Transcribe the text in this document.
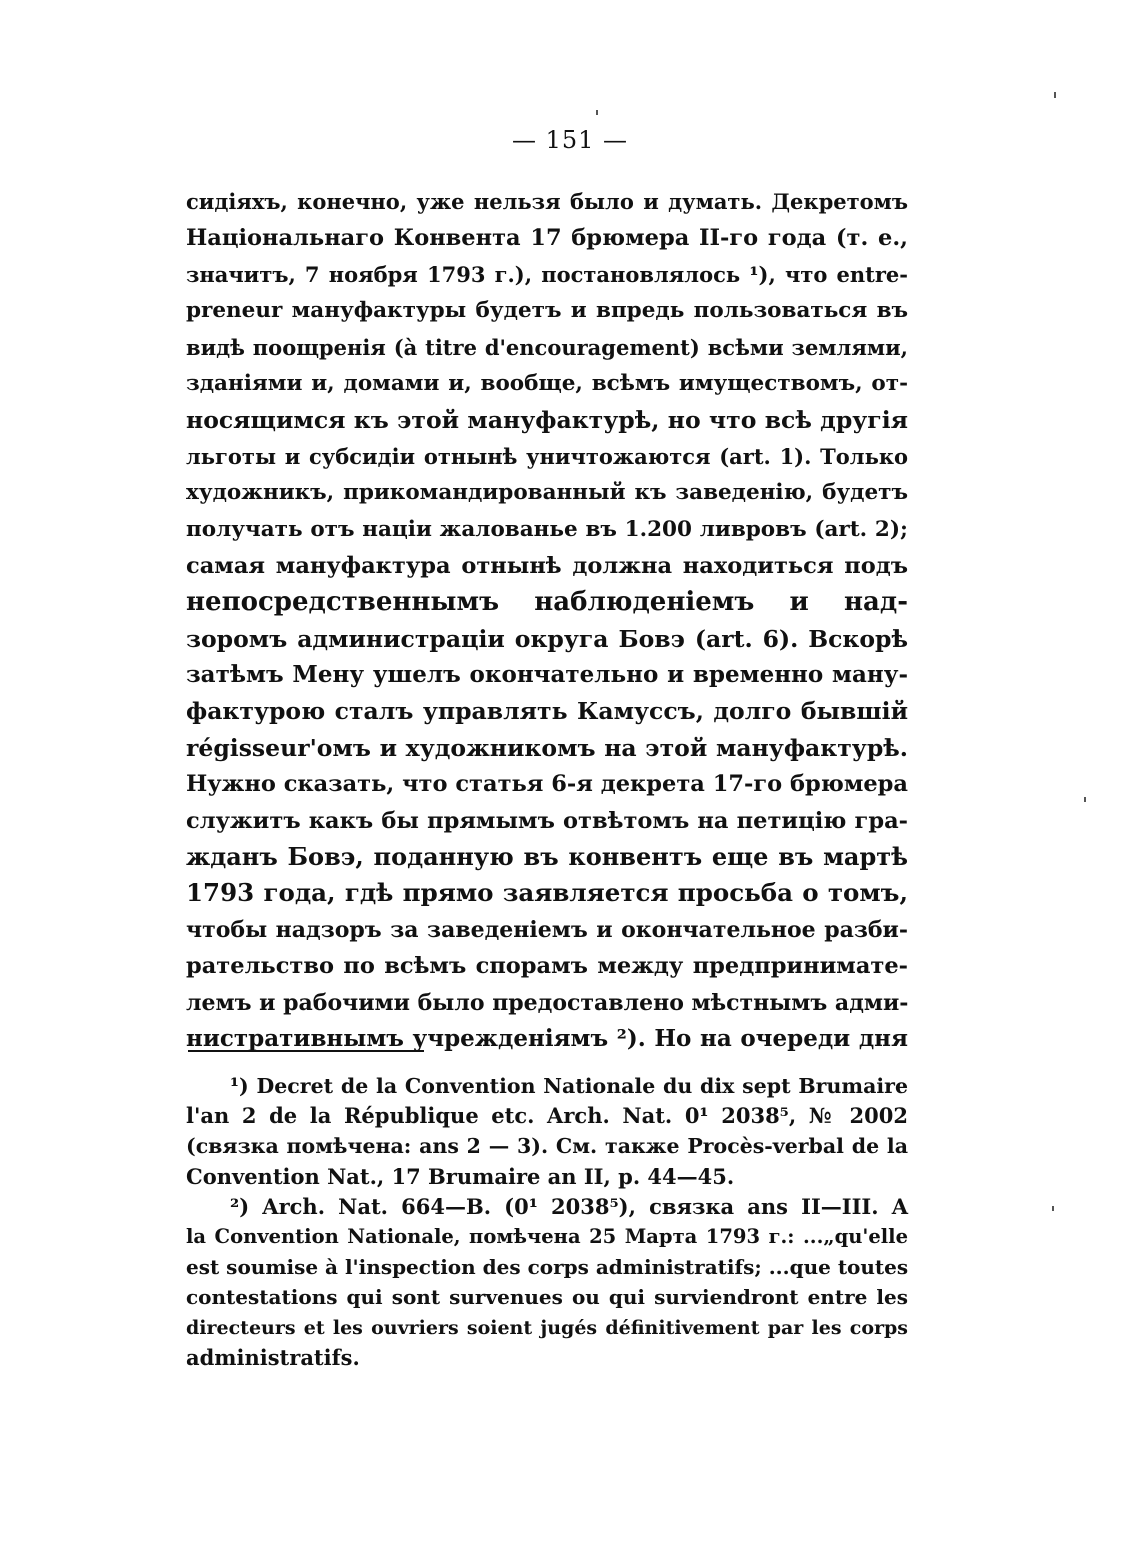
— 151 —
сидіяхъ, конечно, уже нельзя было и думать. Декретомъ
Національнаго Конвента 17 брюмера II-го года (т. е.,
значитъ, 7 ноября 1793 г.), постановлялось ¹), что entre-
preneur мануфактуры будетъ и впредь пользоваться въ
видѣ поощренія (à titre d'encouragement) всѣми землями,
зданіями и, домами и, вообще, всѣмъ имуществомъ, от-
носящимся къ этой мануфактурѣ, но что всѣ другія
льготы и субсидіи отнынѣ уничтожаются (art. 1). Только
художникъ, прикомандированный къ заведенію, будетъ
получать отъ націи жалованье въ 1.200 ливровъ (art. 2);
самая мануфактура отнынѣ должна находиться подъ
непосредственнымъ наблюденіемъ и над-
зоромъ администраціи округа Бовэ (art. 6). Вскорѣ
затѣмъ Мену ушелъ окончательно и временно ману-
фактурою сталъ управлять Камуссъ, долго бывшій
régisseur'омъ и художникомъ на этой мануфактурѣ.
Нужно сказать, что статья 6-я декрета 17-го брюмера
служитъ какъ бы прямымъ отвѣтомъ на петицію гра-
жданъ Бовэ, поданную въ конвентъ еще въ мартѣ
1793 года, гдѣ прямо заявляется просьба о томъ,
чтобы надзоръ за заведеніемъ и окончательное разби-
рательство по всѣмъ спорамъ между предпринимате-
лемъ и рабочими было предоставлено мѣстнымъ адми-
нистративнымъ учрежденіямъ ²). Но на очереди дня
¹) Decret de la Convention Nationale du dix sept Brumaire
l'an 2 de la République etc. Arch. Nat. 0¹ 2038⁵, № 2002
(связка помѣчена: ans 2 — 3). См. также Procès-verbal de la
Convention Nat., 17 Brumaire an II, p. 44—45.
²) Arch. Nat. 664—B. (0¹ 2038⁵), связка ans II—III. A
la Convention Nationale, помѣчена 25 Марта 1793 г.: ...„qu'elle
est soumise à l'inspection des corps administratifs; ...que toutes
contestations qui sont survenues ou qui surviendront entre les
directeurs et les ouvriers soient jugés définitivement par les corps
administratifs.
